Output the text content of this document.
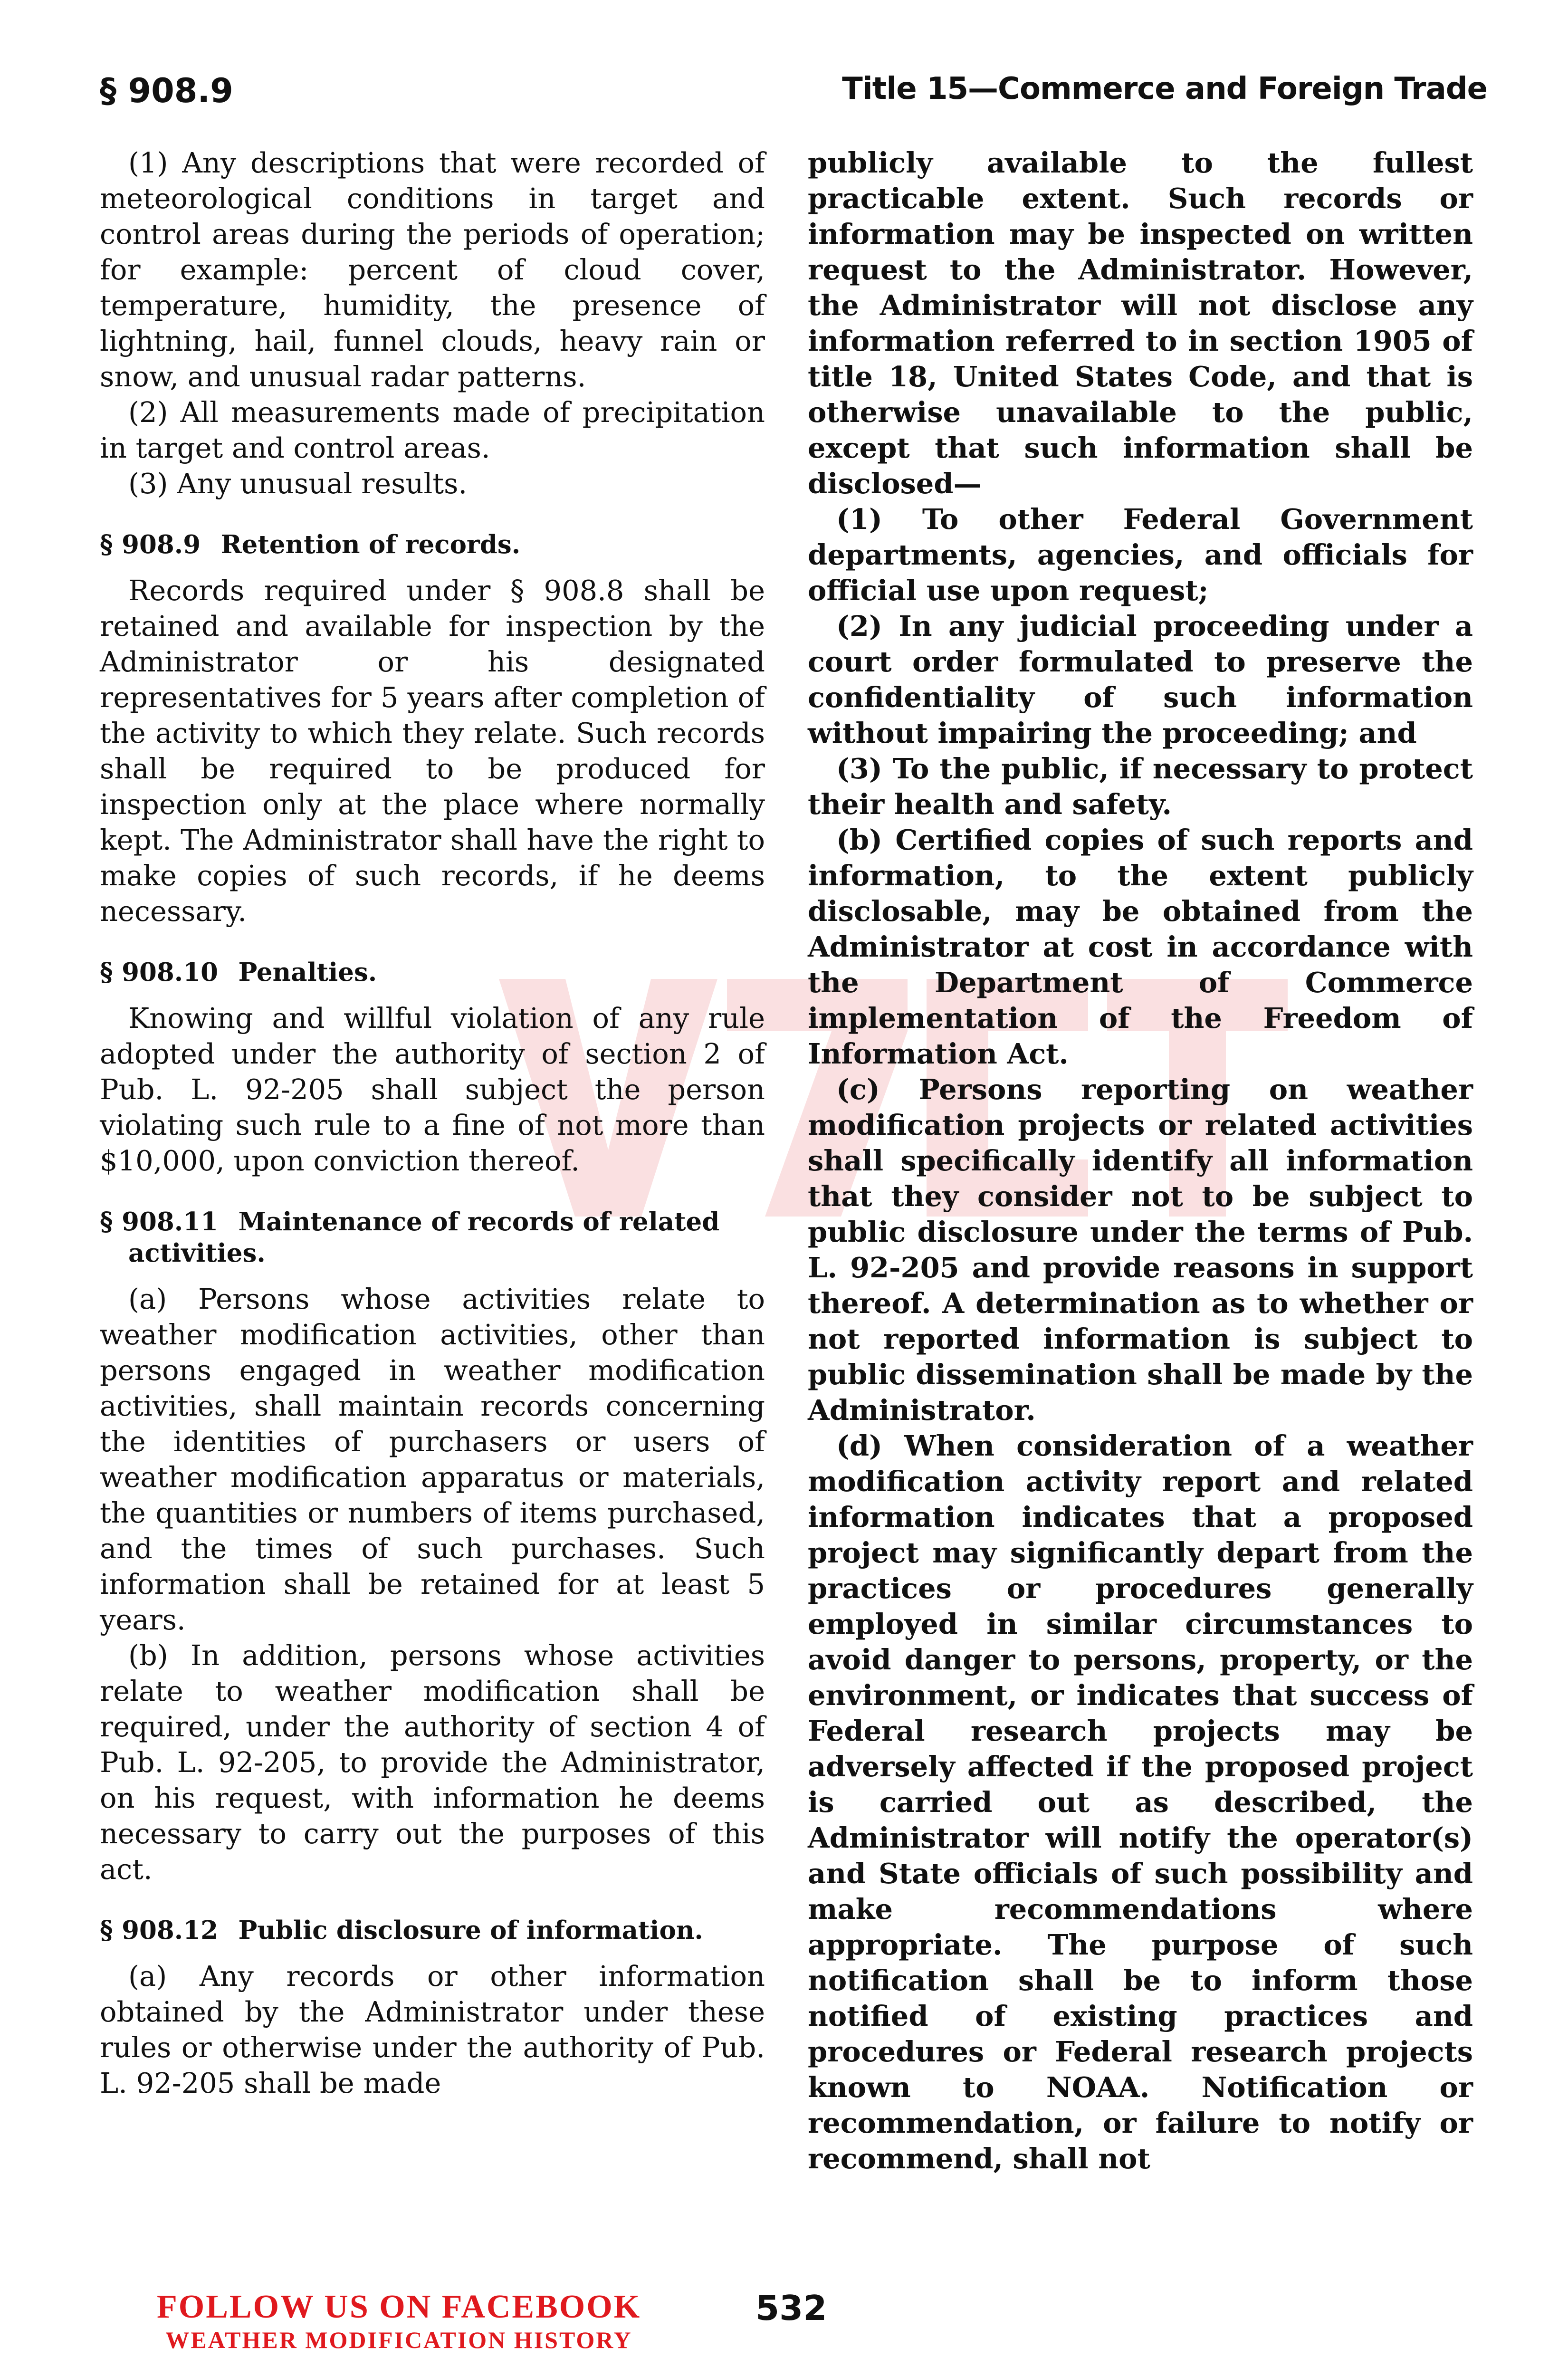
§ 908.9	Title 15—Commerce and Foreign Trade

(1) Any descriptions that were recorded of meteorological conditions in target and control areas during the periods of operation; for example: percent of cloud cover, temperature, humidity, the presence of lightning, hail, funnel clouds, heavy rain or snow, and unusual radar patterns.

(2) All measurements made of precipitation in target and control areas.

(3) Any unusual results.

§ 908.9 Retention of records.

Records required under § 908.8 shall be retained and available for inspection by the Administrator or his designated representatives for 5 years after completion of the activity to which they relate. Such records shall be required to be produced for inspection only at the place where normally kept. The Administrator shall have the right to make copies of such records, if he deems necessary.

§ 908.10 Penalties.

Knowing and willful violation of any rule adopted under the authority of section 2 of Pub. L. 92-205 shall subject the person violating such rule to a fine of not more than $10,000, upon conviction thereof.

§ 908.11 Maintenance of records of related activities.

(a) Persons whose activities relate to weather modification activities, other than persons engaged in weather modification activities, shall maintain records concerning the identities of purchasers or users of weather modification apparatus or materials, the quantities or numbers of items purchased, and the times of such purchases. Such information shall be retained for at least 5 years.

(b) In addition, persons whose activities relate to weather modification shall be required, under the authority of section 4 of Pub. L. 92-205, to provide the Administrator, on his request, with information he deems necessary to carry out the purposes of this act.

§ 908.12 Public disclosure of information.

(a) Any records or other information obtained by the Administrator under these rules or otherwise under the authority of Pub. L. 92-205 shall be made

publicly available to the fullest practicable extent. Such records or information may be inspected on written request to the Administrator. However, the Administrator will not disclose any information referred to in section 1905 of title 18, United States Code, and that is otherwise unavailable to the public, except that such information shall be disclosed—

(1) To other Federal Government departments, agencies, and officials for official use upon request;

(2) In any judicial proceeding under a court order formulated to preserve the confidentiality of such information without impairing the proceeding; and

(3) To the public, if necessary to protect their health and safety.

(b) Certified copies of such reports and information, to the extent publicly disclosable, may be obtained from the Administrator at cost in accordance with the Department of Commerce implementation of the Freedom of Information Act.

(c) Persons reporting on weather modification projects or related activities shall specifically identify all information that they consider not to be subject to public disclosure under the terms of Pub. L. 92-205 and provide reasons in support thereof. A determination as to whether or not reported information is subject to public dissemination shall be made by the Administrator.

(d) When consideration of a weather modification activity report and related information indicates that a proposed project may significantly depart from the practices or procedures generally employed in similar circumstances to avoid danger to persons, property, or the environment, or indicates that success of Federal research projects may be adversely affected if the proposed project is carried out as described, the Administrator will notify the operator(s) and State officials of such possibility and make recommendations where appropriate. The purpose of such notification shall be to inform those notified of existing practices and procedures or Federal research projects known to NOAA. Notification or recommendation, or failure to notify or recommend, shall not

FOLLOW US ON FACEBOOK
WEATHER MODIFICATION HISTORY
532
